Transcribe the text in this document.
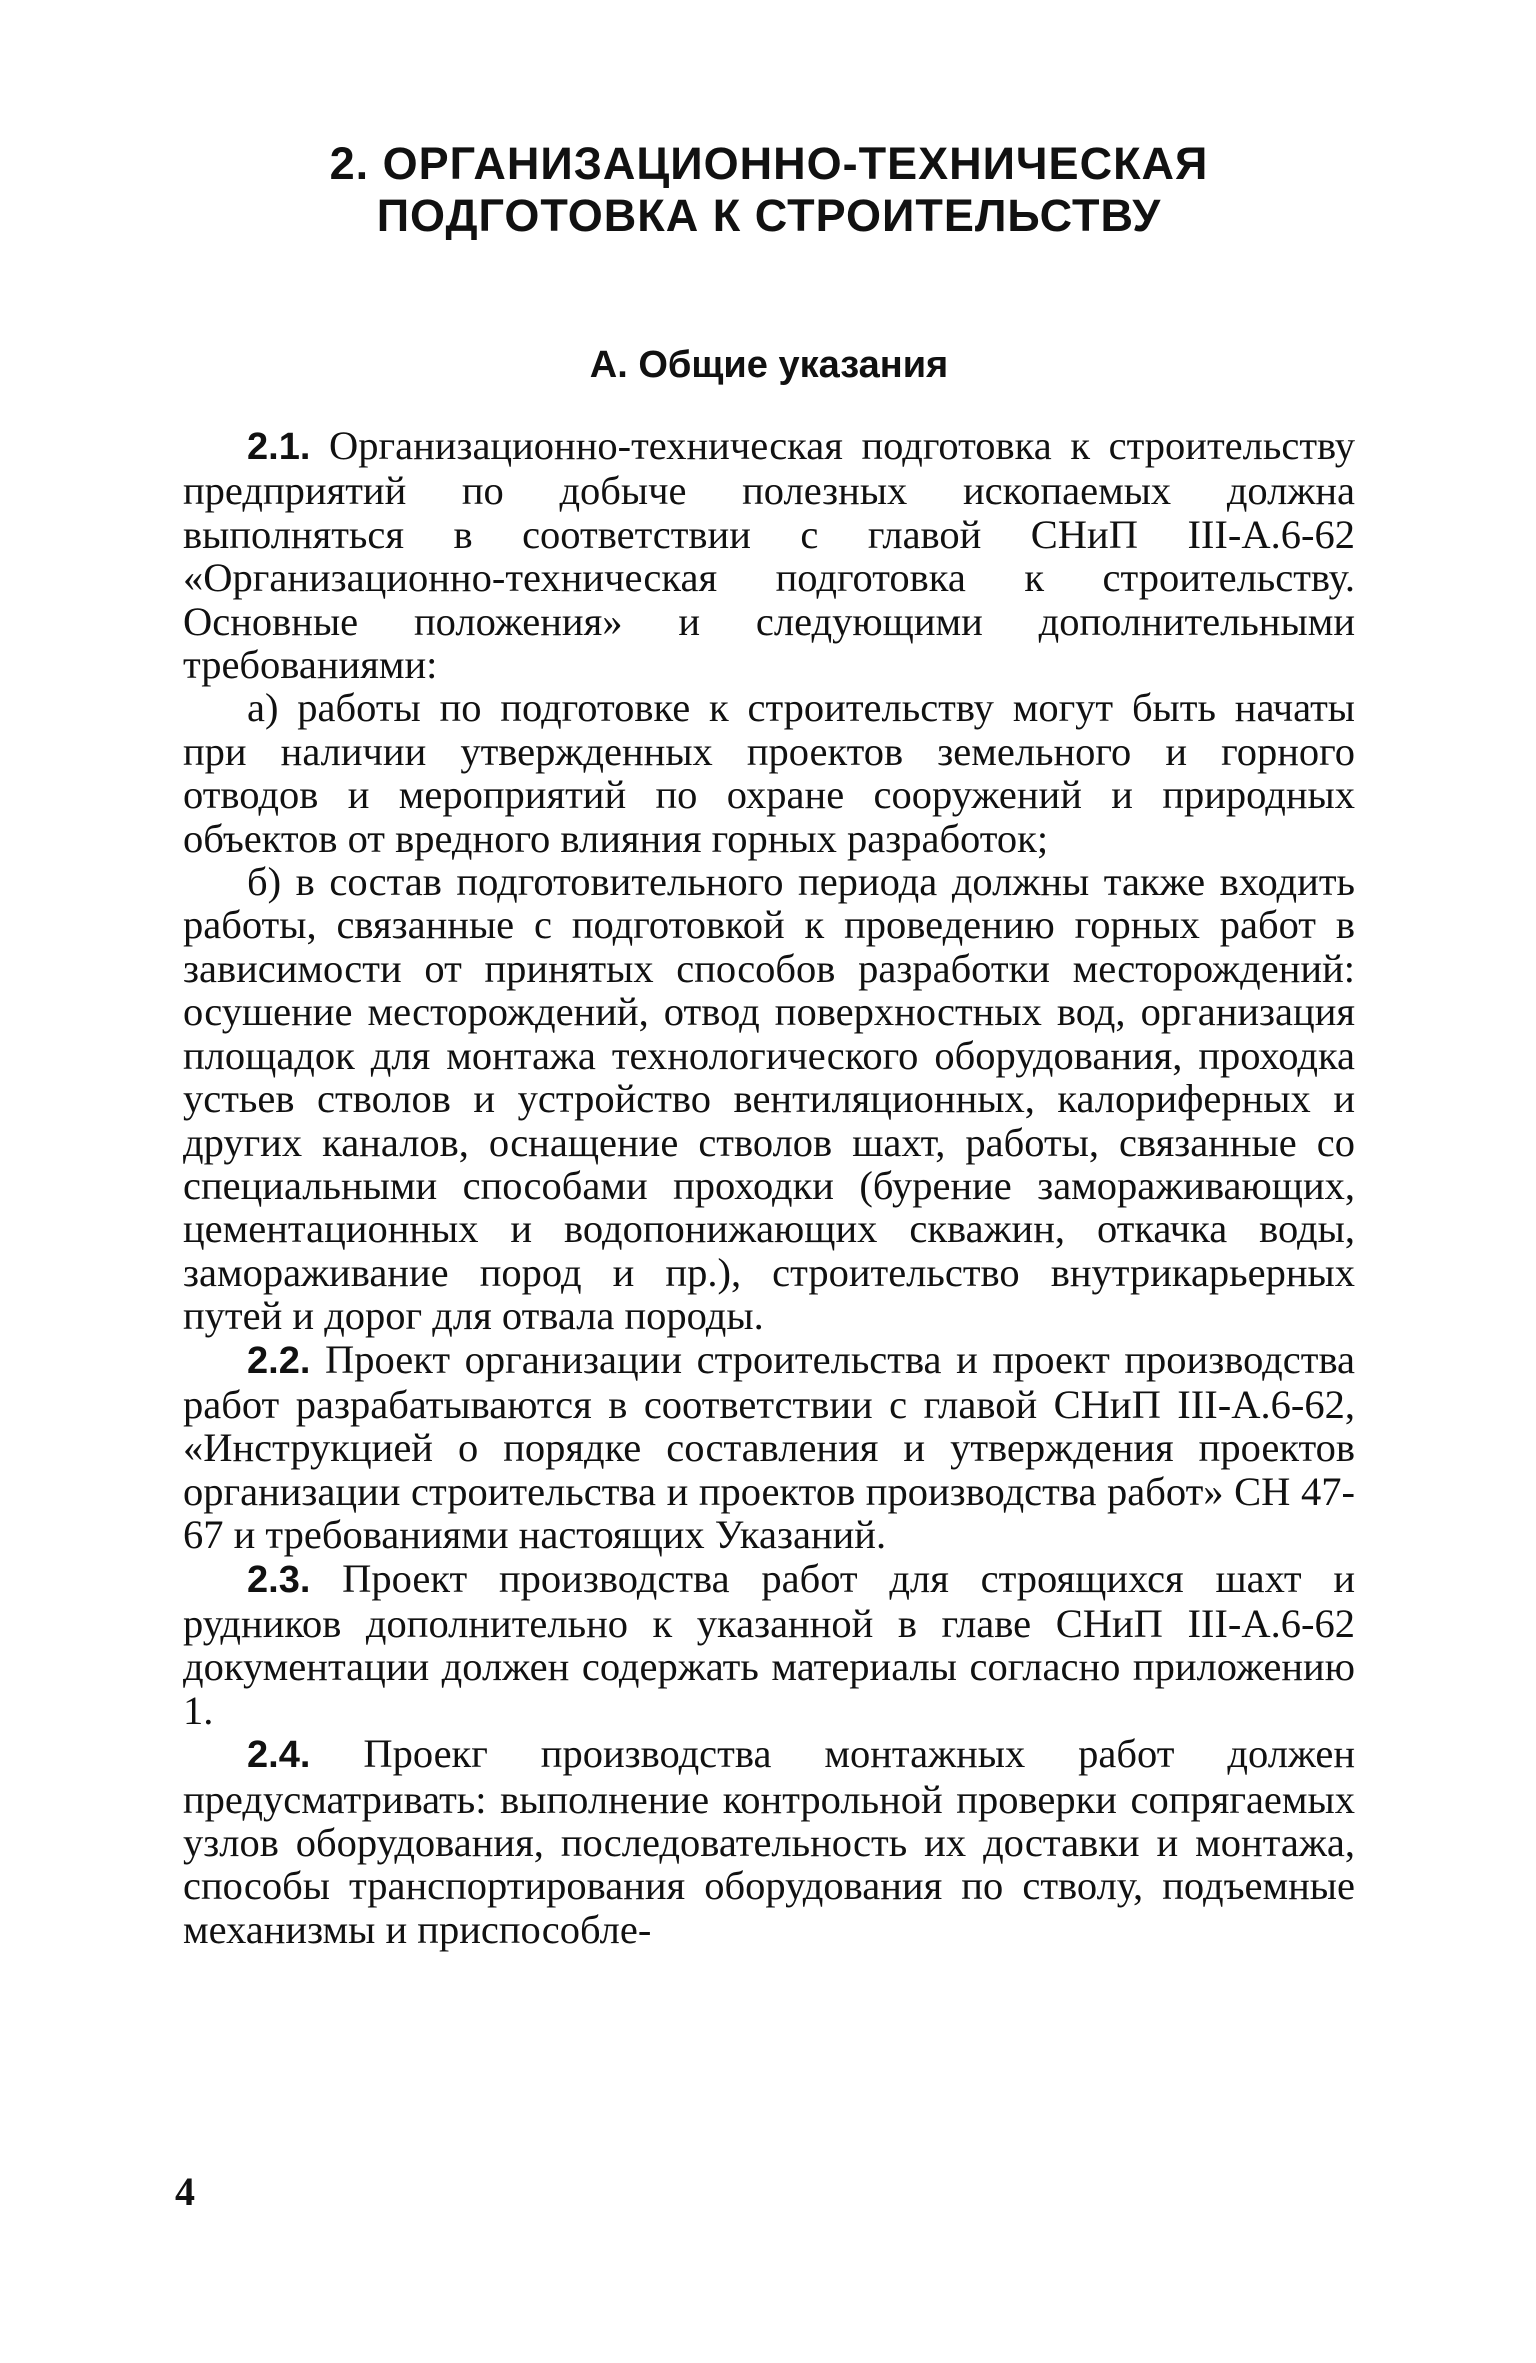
2. ОРГАНИЗАЦИОННО-ТЕХНИЧЕСКАЯ
ПОДГОТОВКА К СТРОИТЕЛЬСТВУ
А. Общие указания

2.1. Организационно-техническая подготовка к строительству предприятий по добыче полезных ископаемых должна выполняться в соответствии с главой СНиП III-А.6-62 «Организационно-техническая подготовка к строительству. Основные положения» и следующими дополнительными требованиями:

а) работы по подготовке к строительству могут быть начаты при наличии утвержденных проектов земельного и горного отводов и мероприятий по охране сооружений и природных объектов от вредного влияния горных разработок;

б) в состав подготовительного периода должны также входить работы, связанные с подготовкой к проведению горных работ в зависимости от принятых способов разработки месторождений: осушение месторождений, отвод поверхностных вод, организация площадок для монтажа технологического оборудования, проходка устьев стволов и устройство вентиляционных, калориферных и других каналов, оснащение стволов шахт, работы, связанные со специальными способами проходки (бурение замораживающих, цементационных и водопонижающих скважин, откачка воды, замораживание пород и пр.), строительство внутрикарьерных путей и дорог для отвала породы.

2.2. Проект организации строительства и проект производства работ разрабатываются в соответствии с главой СНиП III-А.6-62, «Инструкцией о порядке составления и утверждения проектов организации строительства и проектов производства работ» СН 47-67 и требованиями настоящих Указаний.

2.3. Проект производства работ для строящихся шахт и рудников дополнительно к указанной в главе СНиП III-А.6-62 документации должен содержать материалы согласно приложению 1.

2.4. Проекг производства монтажных работ должен предусматривать: выполнение контрольной проверки сопрягаемых узлов оборудования, последовательность их доставки и монтажа, способы транспортирования оборудования по стволу, подъемные механизмы и приспособле-

4
